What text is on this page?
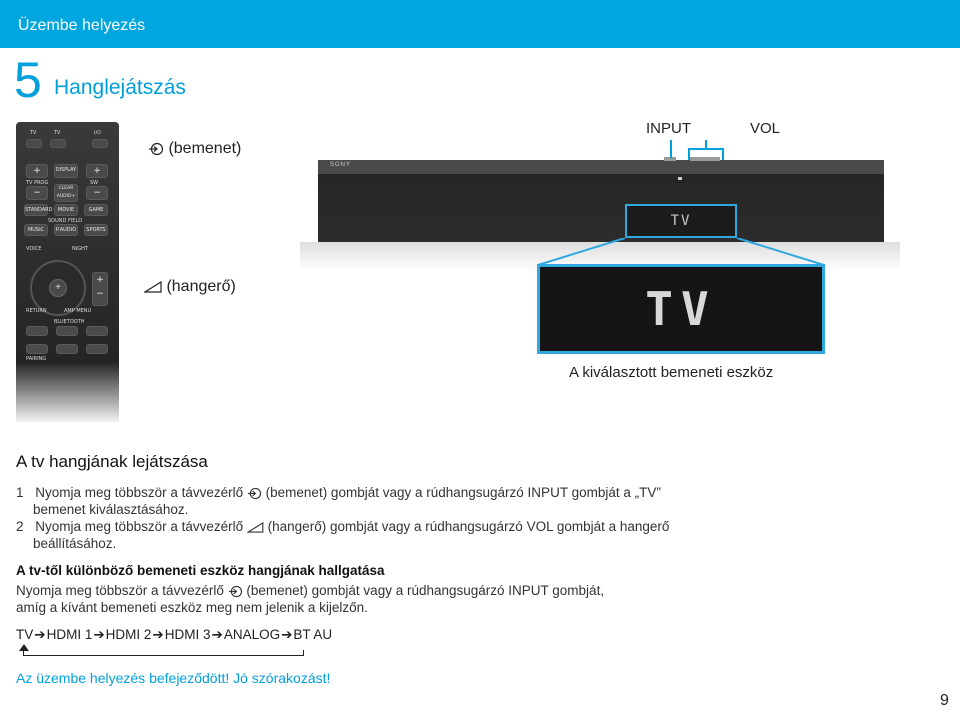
Üzembe helyezés
5 Hanglejátszás
TV	TV	I/⏻
+	DISPLAY	+
TV PROG	SW
−	CLEAR AUDIO+	−
STANDARD	MOVIE	GAME
SOUND FIELD
MUSIC	P.AUDIO	SPORTS
VOICE	NIGHT
+
+
−
RETURN	AMP MENU
BLUETOOTH
PAIRING
(bemenet)
(hangerő)
INPUT	VOL
SONY
TV
TV
A kiválasztott bemeneti eszköz
A tv hangjának lejátszása
1 Nyomja meg többször a távvezérlő (bemenet) gombját vagy a rúdhangsugárzó INPUT gombját a „TV”
bemenet kiválasztásához.
2 Nyomja meg többször a távvezérlő (hangerő) gombját vagy a rúdhangsugárzó VOL gombját a hangerő
beállításához.
A tv-től különböző bemeneti eszköz hangjának hallgatása
Nyomja meg többször a távvezérlő (bemenet) gombját vagy a rúdhangsugárzó INPUT gombját,
amíg a kívánt bemeneti eszköz meg nem jelenik a kijelzőn.
TV➔HDMI 1➔HDMI 2➔HDMI 3➔ANALOG➔BT AU
Az üzembe helyezés befejeződött! Jó szórakozást!
9
